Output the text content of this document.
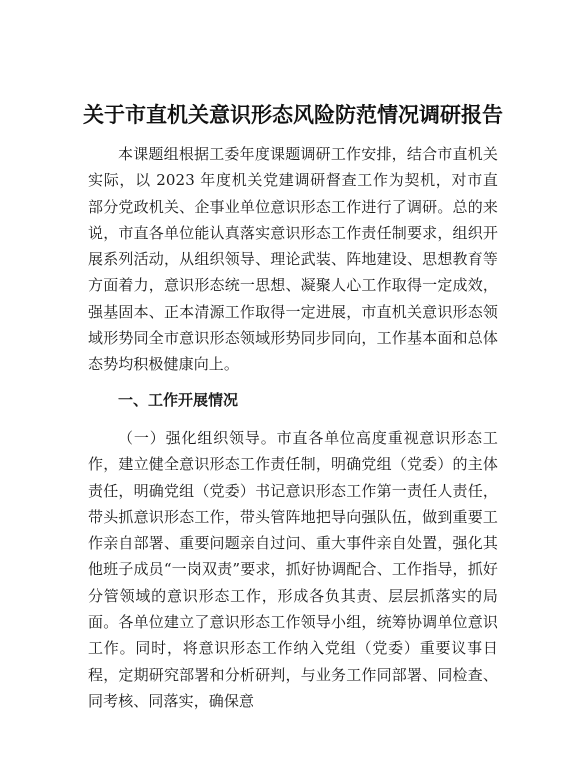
关于市直机关意识形态风险防范情况调研报告

本课题组根据工委年度课题调研工作安排，结合市直机关实际，以 2023 年度机关党建调研督查工作为契机，对市直部分党政机关、企事业单位意识形态工作进行了调研。总的来说，市直各单位能认真落实意识形态工作责任制要求，组织开展系列活动，从组织领导、理论武装、阵地建设、思想教育等方面着力，意识形态统一思想、凝聚人心工作取得一定成效，强基固本、正本清源工作取得一定进展，市直机关意识形态领域形势同全市意识形态领域形势同步同向，工作基本面和总体态势均积极健康向上。

一、工作开展情况

（一）强化组织领导。市直各单位高度重视意识形态工作，建立健全意识形态工作责任制，明确党组（党委）的主体责任，明确党组（党委）书记意识形态工作第一责任人责任，带头抓意识形态工作，带头管阵地把导向强队伍，做到重要工作亲自部署、重要问题亲自过问、重大事件亲自处置，强化其他班子成员“一岗双责”要求，抓好协调配合、工作指导，抓好分管领域的意识形态工作，形成各负其责、层层抓落实的局面。各单位建立了意识形态工作领导小组，统筹协调单位意识工作。同时，将意识形态工作纳入党组（党委）重要议事日程，定期研究部署和分析研判，与业务工作同部署、同检查、同考核、同落实，确保意
